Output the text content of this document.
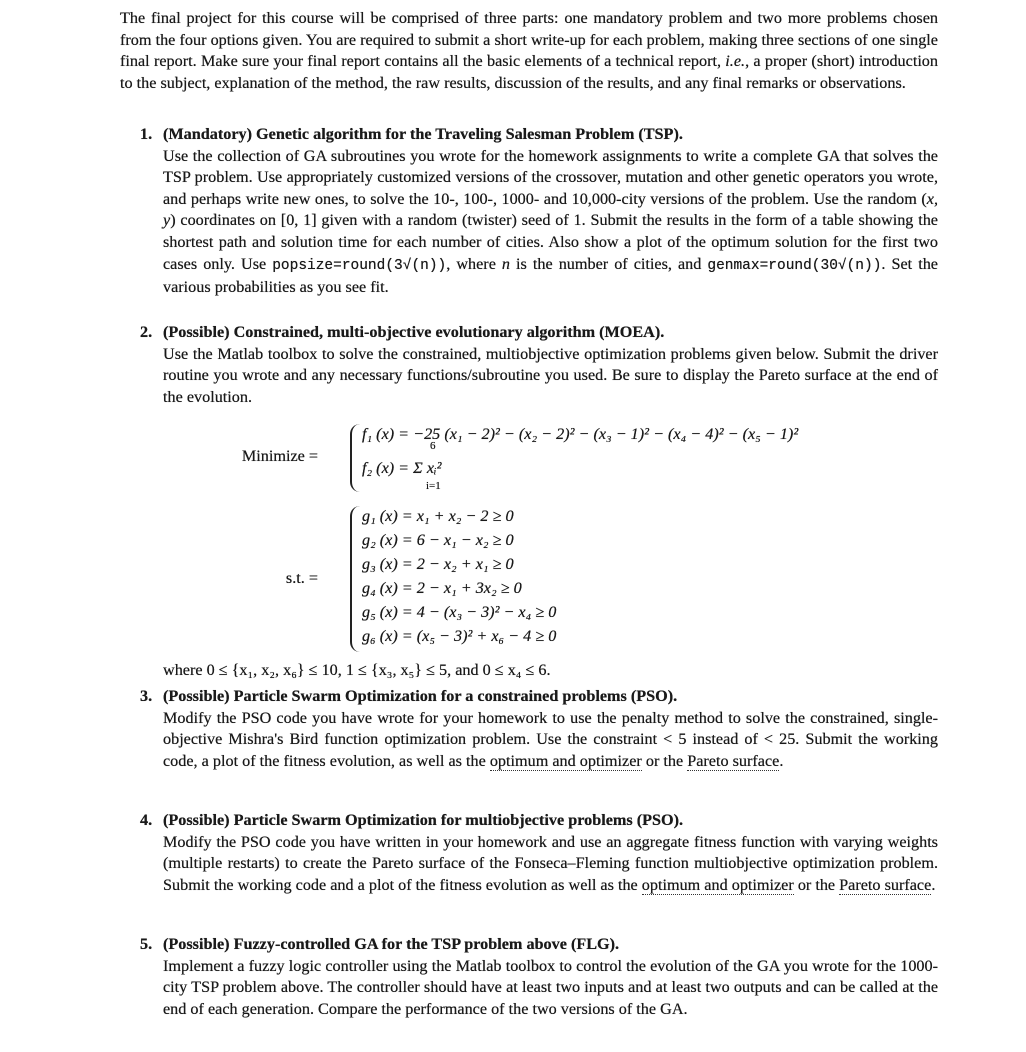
The final project for this course will be comprised of three parts: one mandatory problem and two more problems chosen from the four options given. You are required to submit a short write-up for each problem, making three sections of one single final report. Make sure your final report contains all the basic elements of a technical report, i.e., a proper (short) introduction to the subject, explanation of the method, the raw results, discussion of the results, and any final remarks or observations.
1. (Mandatory) Genetic algorithm for the Traveling Salesman Problem (TSP).
Use the collection of GA subroutines you wrote for the homework assignments to write a complete GA that solves the TSP problem. Use appropriately customized versions of the crossover, mutation and other genetic operators you wrote, and perhaps write new ones, to solve the 10-, 100-, 1000- and 10,000-city versions of the problem. Use the random (x, y) coordinates on [0, 1] given with a random (twister) seed of 1. Submit the results in the form of a table showing the shortest path and solution time for each number of cities. Also show a plot of the optimum solution for the first two cases only. Use popsize=round(3√(n)), where n is the number of cities, and genmax=round(30√(n)). Set the various probabilities as you see fit.
2. (Possible) Constrained, multi-objective evolutionary algorithm (MOEA).
Use the Matlab toolbox to solve the constrained, multiobjective optimization problems given below. Submit the driver routine you wrote and any necessary functions/subroutine you used. Be sure to display the Pareto surface at the end of the evolution.
Minimize =
f₁ (x) = −25 (x₁ − 2)² − (x₂ − 2)² − (x₃ − 1)² − (x₄ − 4)² − (x₅ − 1)²
6
f₂ (x) = Σ xᵢ²
i=1
s.t. =
g₁ (x) = x₁ + x₂ − 2 ≥ 0
g₂ (x) = 6 − x₁ − x₂ ≥ 0
g₃ (x) = 2 − x₂ + x₁ ≥ 0
g₄ (x) = 2 − x₁ + 3x₂ ≥ 0
g₅ (x) = 4 − (x₃ − 3)² − x₄ ≥ 0
g₆ (x) = (x₅ − 3)² + x₆ − 4 ≥ 0
where 0 ≤ {x₁, x₂, x₆} ≤ 10, 1 ≤ {x₃, x₅} ≤ 5, and 0 ≤ x₄ ≤ 6.
3. (Possible) Particle Swarm Optimization for a constrained problems (PSO).
Modify the PSO code you have wrote for your homework to use the penalty method to solve the constrained, single-objective Mishra's Bird function optimization problem. Use the constraint < 5 instead of < 25. Submit the working code, a plot of the fitness evolution, as well as the optimum and optimizer or the Pareto surface.
4. (Possible) Particle Swarm Optimization for multiobjective problems (PSO).
Modify the PSO code you have written in your homework and use an aggregate fitness function with varying weights (multiple restarts) to create the Pareto surface of the Fonseca–Fleming function multiobjective optimization problem. Submit the working code and a plot of the fitness evolution as well as the optimum and optimizer or the Pareto surface.
5. (Possible) Fuzzy-controlled GA for the TSP problem above (FLG).
Implement a fuzzy logic controller using the Matlab toolbox to control the evolution of the GA you wrote for the 1000-city TSP problem above. The controller should have at least two inputs and at least two outputs and can be called at the end of each generation. Compare the performance of the two versions of the GA.
